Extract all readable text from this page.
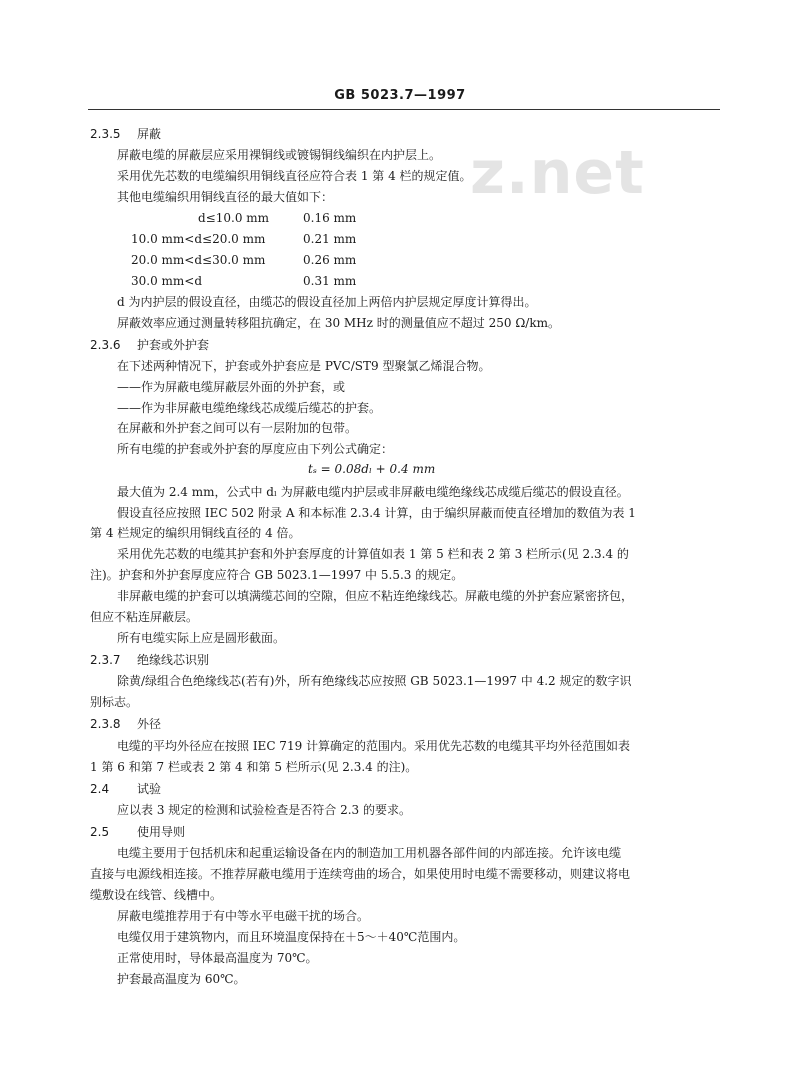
GB 5023.7—1997
z.net
2.3.5 屏蔽
屏蔽电缆的屏蔽层应采用裸铜线或镀锡铜线编织在内护层上。
采用优先芯数的电缆编织用铜线直径应符合表 1 第 4 栏的规定值。
其他电缆编织用铜线直径的最大值如下：
d≤10.0 mm	0.16 mm
10.0 mm<d≤20.0 mm	0.21 mm
20.0 mm<d≤30.0 mm	0.26 mm
30.0 mm<d	0.31 mm
d 为内护层的假设直径，由缆芯的假设直径加上两倍内护层规定厚度计算得出。
屏蔽效率应通过测量转移阻抗确定，在 30 MHz 时的测量值应不超过 250 Ω/km。
2.3.6 护套或外护套
在下述两种情况下，护套或外护套应是 PVC/ST9 型聚氯乙烯混合物。
——作为屏蔽电缆屏蔽层外面的外护套，或
——作为非屏蔽电缆绝缘线芯成缆后缆芯的护套。
在屏蔽和外护套之间可以有一层附加的包带。
所有电缆的护套或外护套的厚度应由下列公式确定：
tₛ = 0.08dₗ + 0.4 mm
最大值为 2.4 mm，公式中 dₗ 为屏蔽电缆内护层或非屏蔽电缆绝缘线芯成缆后缆芯的假设直径。
假设直径应按照 IEC 502 附录 A 和本标准 2.3.4 计算，由于编织屏蔽而使直径增加的数值为表 1
第 4 栏规定的编织用铜线直径的 4 倍。
采用优先芯数的电缆其护套和外护套厚度的计算值如表 1 第 5 栏和表 2 第 3 栏所示(见 2.3.4 的
注)。护套和外护套厚度应符合 GB 5023.1—1997 中 5.5.3 的规定。
非屏蔽电缆的护套可以填满缆芯间的空隙，但应不粘连绝缘线芯。屏蔽电缆的外护套应紧密挤包，
但应不粘连屏蔽层。
所有电缆实际上应是圆形截面。
2.3.7 绝缘线芯识别
除黄/绿组合色绝缘线芯(若有)外，所有绝缘线芯应按照 GB 5023.1—1997 中 4.2 规定的数字识
别标志。
2.3.8 外径
电缆的平均外径应在按照 IEC 719 计算确定的范围内。采用优先芯数的电缆其平均外径范围如表
1 第 6 和第 7 栏或表 2 第 4 和第 5 栏所示(见 2.3.4 的注)。
2.4 试验
应以表 3 规定的检测和试验检查是否符合 2.3 的要求。
2.5 使用导则
电缆主要用于包括机床和起重运输设备在内的制造加工用机器各部件间的内部连接。允许该电缆
直接与电源线相连接。不推荐屏蔽电缆用于连续弯曲的场合，如果使用时电缆不需要移动，则建议将电
缆敷设在线管、线槽中。
屏蔽电缆推荐用于有中等水平电磁干扰的场合。
电缆仅用于建筑物内，而且环境温度保持在＋5～＋40℃范围内。
正常使用时，导体最高温度为 70℃。
护套最高温度为 60℃。
